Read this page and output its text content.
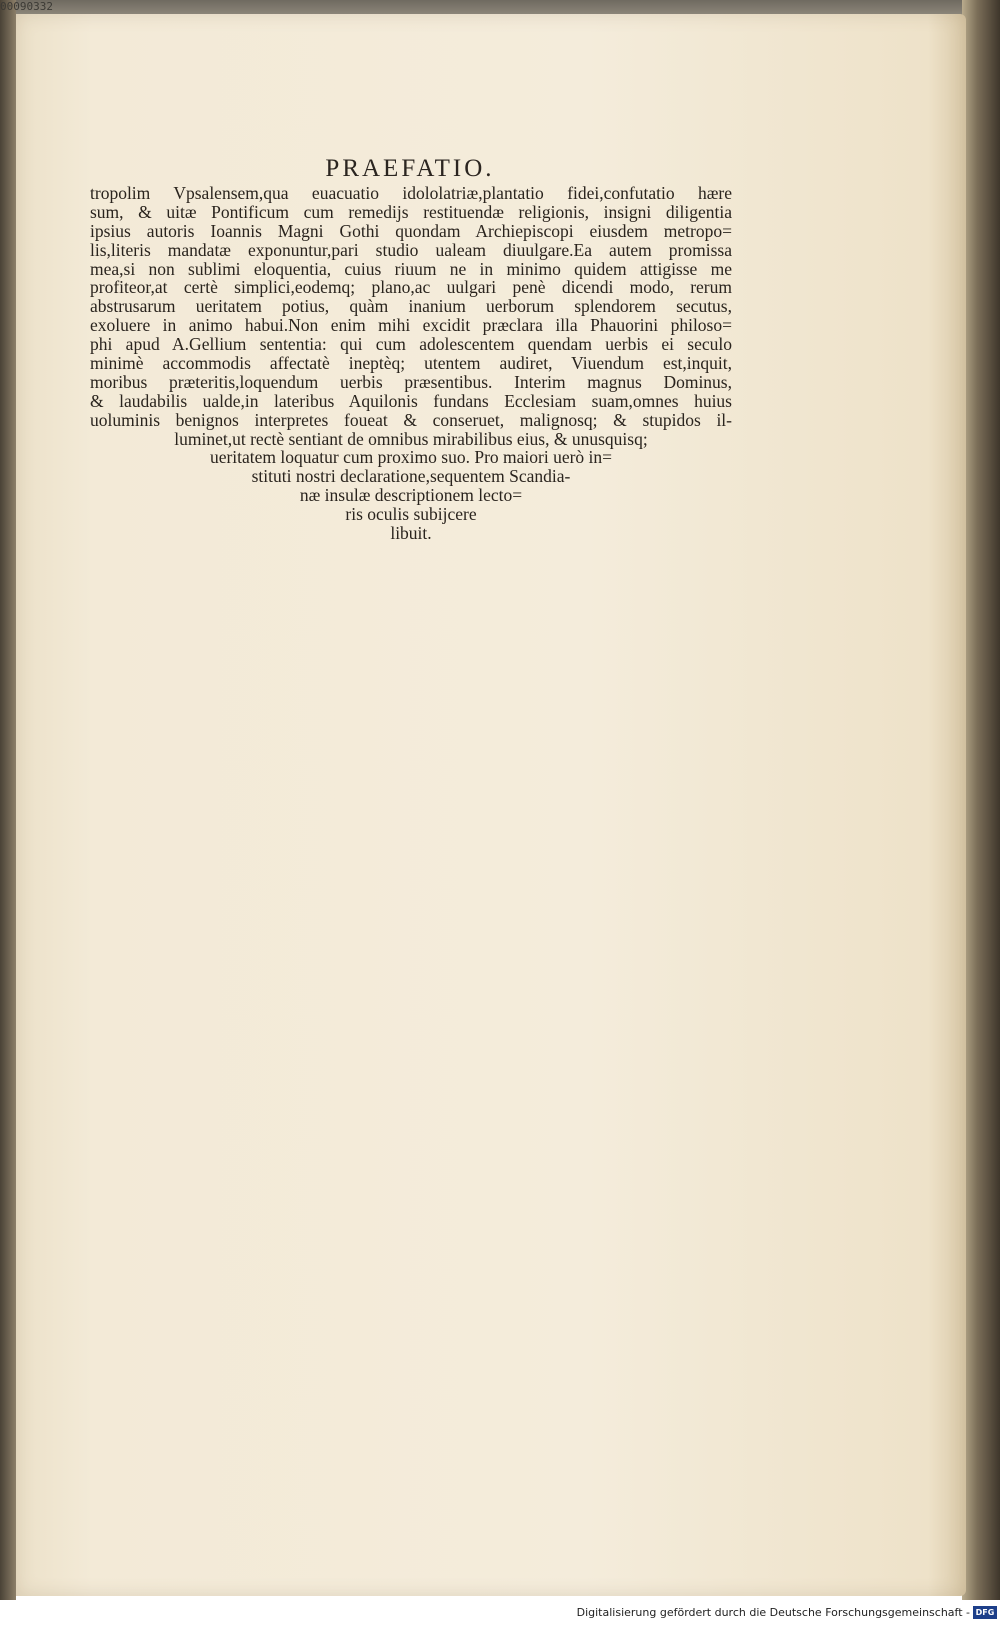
00090332
PRAEFATIO.
tropolim Vpsalensem,qua euacuatio idololatriæ,plantatio fidei,confutatio hære
sum, & uitæ Pontificum cum remedijs restituendæ religionis, insigni diligentia
ipsius autoris Ioannis Magni Gothi quondam Archiepiscopi eiusdem metropo=
lis,literis mandatæ exponuntur,pari studio ualeam diuulgare.Ea autem promissa
mea,si non sublimi eloquentia, cuius riuum ne in minimo quidem attigisse me
profiteor,at certè simplici,eodemq; plano,ac uulgari penè dicendi modo, rerum
abstrusarum ueritatem potius, quàm inanium uerborum splendorem secutus,
exoluere in animo habui.Non enim mihi excidit præclara illa Phauorini philoso=
phi apud A.Gellium sententia: qui cum adolescentem quendam uerbis ei seculo
minimè accommodis affectatè ineptèq; utentem audiret, Viuendum est,inquit,
moribus præteritis,loquendum uerbis præsentibus. Interim magnus Dominus,
& laudabilis ualde,in lateribus Aquilonis fundans Ecclesiam suam,omnes huius
uoluminis benignos interpretes foueat & conseruet, malignosq; & stupidos il-
luminet,ut rectè sentiant de omnibus mirabilibus eius, & unusquisq;
ueritatem loquatur cum proximo suo. Pro maiori uerò in=
stituti nostri declaratione,sequentem Scandia-
næ insulæ descriptionem lecto=
ris oculis subijcere
libuit.
Digitalisierung gefördert durch die Deutsche Forschungsgemeinschaft - DFG
